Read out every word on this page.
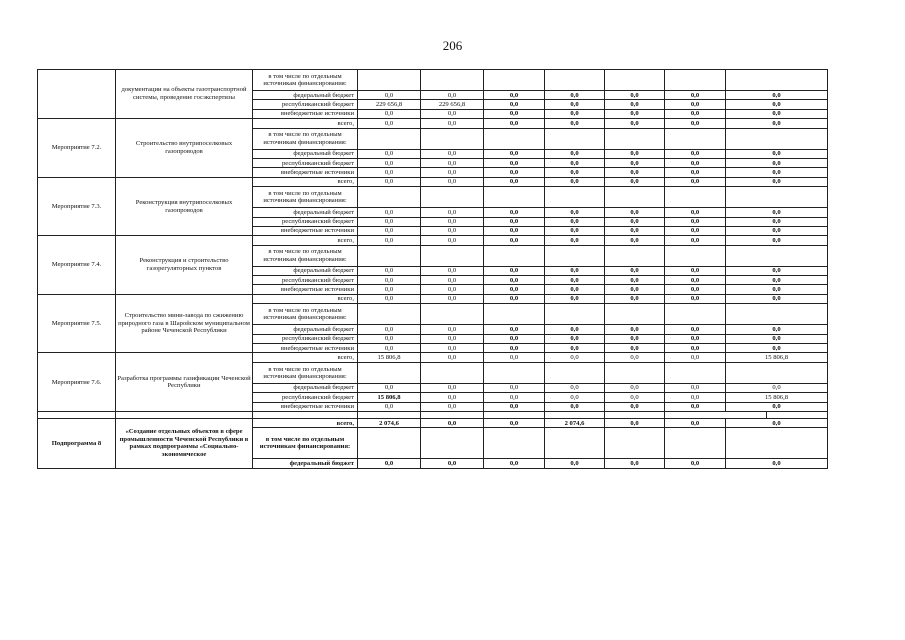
206
	документации на объекты газотранспортной системы, проведение госэкспертизы	в том числе по отдельным источникам финансирования:									
		федеральный бюджет	0,0	0,0	0,0	0,0	0,0	0,0	0,0	
		республиканский бюджет	229 656,8	229 656,8	0,0	0,0	0,0	0,0	0,0	
		внебюджетные источники	0,0	0,0	0,0	0,0	0,0	0,0	0,0	
Мероприятие 7.2.	Строительство внутрипоселковых газопроводов	всего,	0,0	0,0	0,0	0,0	0,0	0,0	0,0	
		в том числе по отдельным источникам финансирования:									
		федеральный бюджет	0,0	0,0	0,0	0,0	0,0	0,0	0,0	
		республиканский бюджет	0,0	0,0	0,0	0,0	0,0	0,0	0,0	
		внебюджетные источники	0,0	0,0	0,0	0,0	0,0	0,0	0,0	
Мероприятие 7.3.	Реконструкция внутрипоселковых газопроводов	всего,	0,0	0,0	0,0	0,0	0,0	0,0	0,0	
		в том числе по отдельным источникам финансирования:									
		федеральный бюджет	0,0	0,0	0,0	0,0	0,0	0,0	0,0	
		республиканский бюджет	0,0	0,0	0,0	0,0	0,0	0,0	0,0	
		внебюджетные источники	0,0	0,0	0,0	0,0	0,0	0,0	0,0	
Мероприятие 7.4.	Реконструкция и строительство газорегуляторных пунктов	всего,	0,0	0,0	0,0	0,0	0,0	0,0	0,0	
		в том числе по отдельным источникам финансирования:									
		федеральный бюджет	0,0	0,0	0,0	0,0	0,0	0,0	0,0	
		республиканский бюджет	0,0	0,0	0,0	0,0	0,0	0,0	0,0	
		внебюджетные источники	0,0	0,0	0,0	0,0	0,0	0,0	0,0	
Мероприятие 7.5.	Строительство мини-завода по сжижению природного газа в Шаройском муниципальном районе Чеченской Республики	всего,	0,0	0,0	0,0	0,0	0,0	0,0	0,0	
		в том числе по отдельным источникам финансирования:									
		федеральный бюджет	0,0	0,0	0,0	0,0	0,0	0,0	0,0	
		республиканский бюджет	0,0	0,0	0,0	0,0	0,0	0,0	0,0	
		внебюджетные источники	0,0	0,0	0,0	0,0	0,0	0,0	0,0	
Мероприятие 7.6.	Разработка программы газификации Чеченской Республики	всего,	15 806,8	0,0	0,0	0,0	0,0	0,0	15 806,8	
		в том числе по отдельным источникам финансирования:									
		федеральный бюджет	0,0	0,0	0,0	0,0	0,0	0,0	0,0	
		республиканский бюджет	15 806,8	0,0	0,0	0,0	0,0	0,0	15 806,8	
		внебюджетные источники	0,0	0,0	0,0	0,0	0,0	0,0	0,0	

Подпрограмма 8	«Создание отдельных объектов в сфере промышленности Чеченской Республики в рамках подпрограммы «Социально-экономическое	всего,	2 074,6	0,0	0,0	2 074,6	0,0	0,0	0,0	
		в том числе по отдельным источникам финансирования:									
		федеральный бюджет	0,0	0,0	0,0	0,0	0,0	0,0	0,0	
